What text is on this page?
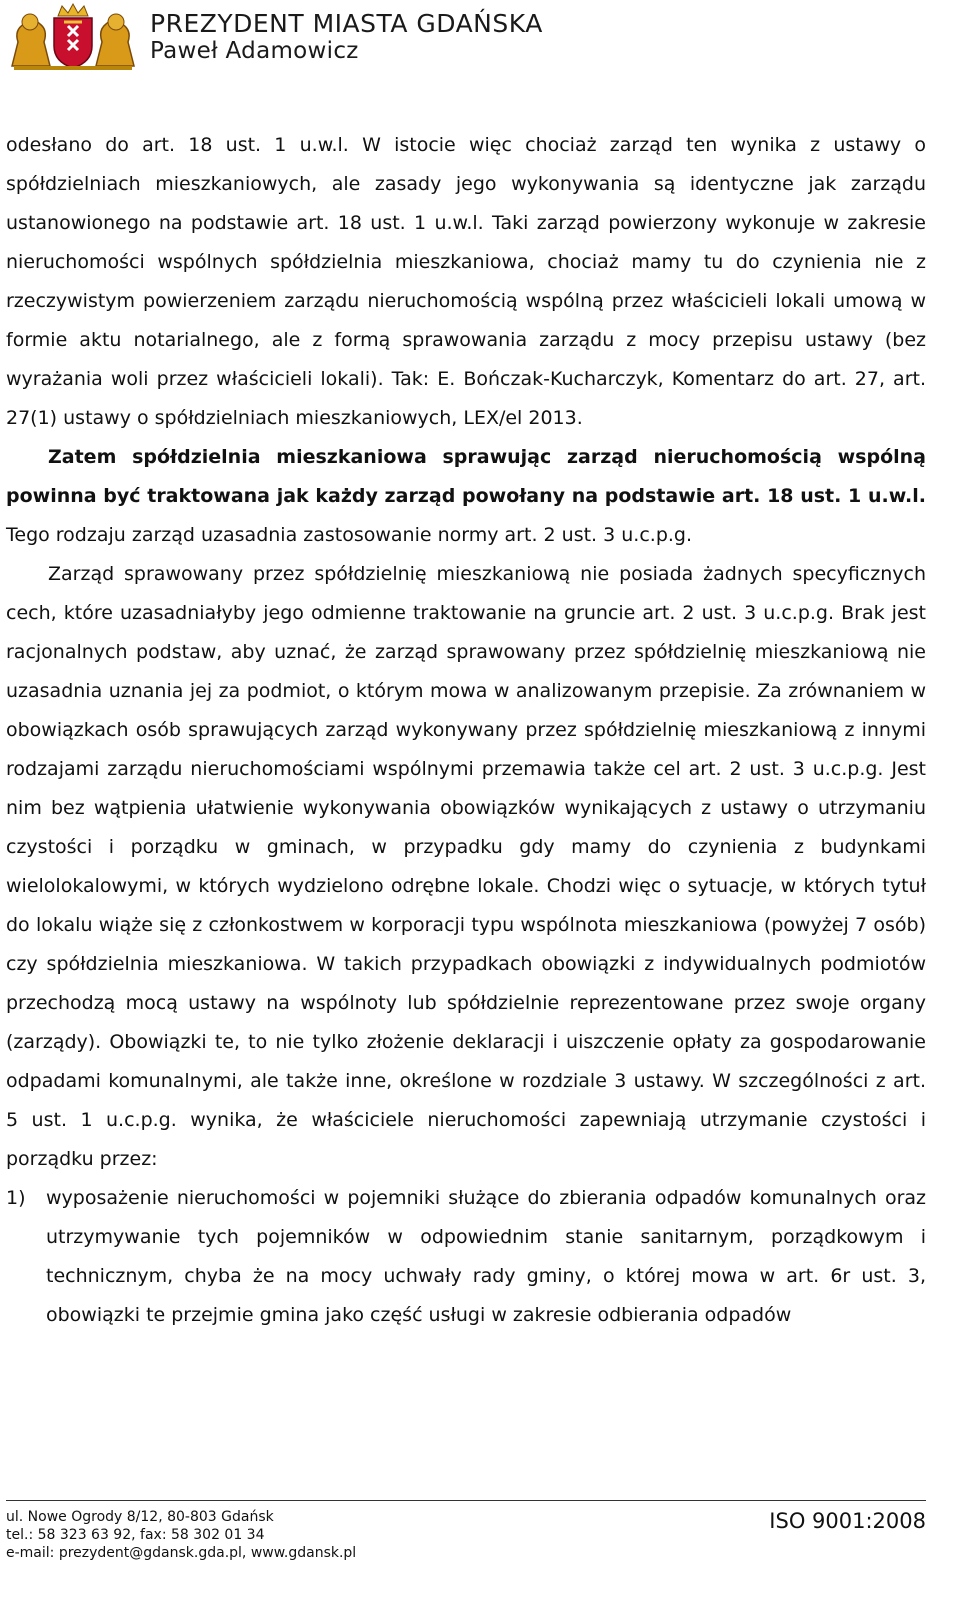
PREZYDENT MIASTA GDAŃSKA
Paweł Adamowicz

odesłano do art. 18 ust. 1 u.w.l. W istocie więc chociaż zarząd ten wynika z ustawy o spółdzielniach mieszkaniowych, ale zasady jego wykonywania są identyczne jak zarządu ustanowionego na podstawie art. 18 ust. 1 u.w.l. Taki zarząd powierzony wykonuje w zakresie nieruchomości wspólnych spółdzielnia mieszkaniowa, chociaż mamy tu do czynienia nie z rzeczywistym powierzeniem zarządu nieruchomością wspólną przez właścicieli lokali umową w formie aktu notarialnego, ale z formą sprawowania zarządu z mocy przepisu ustawy (bez wyrażania woli przez właścicieli lokali). Tak: E. Bończak-Kucharczyk, Komentarz do art. 27, art. 27(1) ustawy o spółdzielniach mieszkaniowych, LEX/el 2013.

Zatem spółdzielnia mieszkaniowa sprawując zarząd nieruchomością wspólną powinna być traktowana jak każdy zarząd powołany na podstawie art. 18 ust. 1 u.w.l. Tego rodzaju zarząd uzasadnia zastosowanie normy art. 2 ust. 3 u.c.p.g.

Zarząd sprawowany przez spółdzielnię mieszkaniową nie posiada żadnych specyficznych cech, które uzasadniałyby jego odmienne traktowanie na gruncie art. 2 ust. 3 u.c.p.g. Brak jest racjonalnych podstaw, aby uznać, że zarząd sprawowany przez spółdzielnię mieszkaniową nie uzasadnia uznania jej za podmiot, o którym mowa w analizowanym przepisie. Za zrównaniem w obowiązkach osób sprawujących zarząd wykonywany przez spółdzielnię mieszkaniową z innymi rodzajami zarządu nieruchomościami wspólnymi przemawia także cel art. 2 ust. 3 u.c.p.g. Jest nim bez wątpienia ułatwienie wykonywania obowiązków wynikających z ustawy o utrzymaniu czystości i porządku w gminach, w przypadku gdy mamy do czynienia z budynkami wielolokalowymi, w których wydzielono odrębne lokale. Chodzi więc o sytuacje, w których tytuł do lokalu wiąże się z członkostwem w korporacji typu wspólnota mieszkaniowa (powyżej 7 osób) czy spółdzielnia mieszkaniowa. W takich przypadkach obowiązki z indywidualnych podmiotów przechodzą mocą ustawy na wspólnoty lub spółdzielnie reprezentowane przez swoje organy (zarządy). Obowiązki te, to nie tylko złożenie deklaracji i uiszczenie opłaty za gospodarowanie odpadami komunalnymi, ale także inne, określone w rozdziale 3 ustawy. W szczególności z art. 5 ust. 1 u.c.p.g. wynika, że właściciele nieruchomości zapewniają utrzymanie czystości i porządku przez:

1) wyposażenie nieruchomości w pojemniki służące do zbierania odpadów komunalnych oraz utrzymywanie tych pojemników w odpowiednim stanie sanitarnym, porządkowym i technicznym, chyba że na mocy uchwały rady gminy, o której mowa w art. 6r ust. 3, obowiązki te przejmie gmina jako część usługi w zakresie odbierania odpadów
ul. Nowe Ogrody 8/12, 80-803 Gdańsk
tel.: 58 323 63 92, fax: 58 302 01 34
e-mail: prezydent@gdansk.gda.pl, www.gdansk.pl
ISO 9001:2008
